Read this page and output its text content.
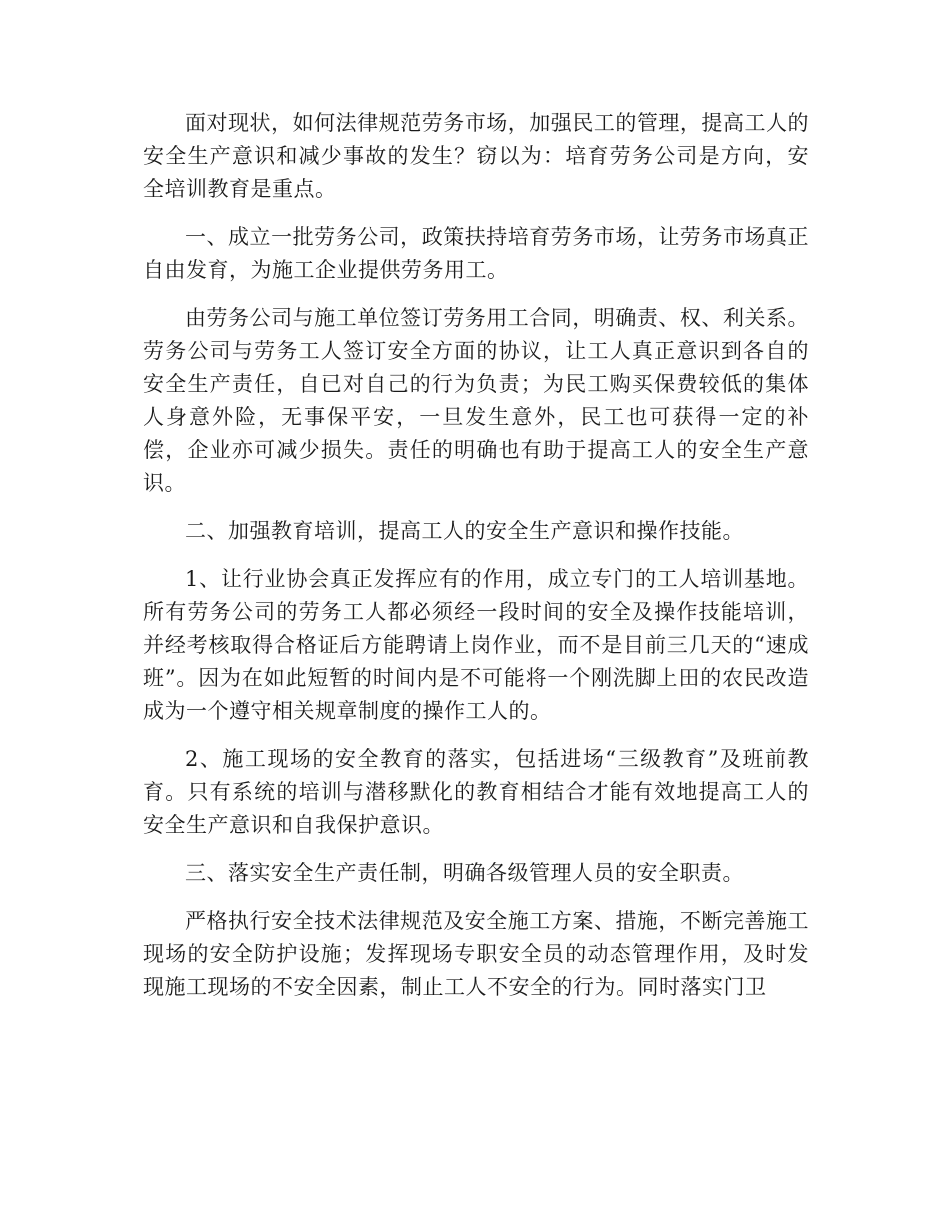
面对现状，如何法律规范劳务市场，加强民工的管理，提高工人的安全生产意识和减少事故的发生？窃以为：培育劳务公司是方向，安全培训教育是重点。

一、成立一批劳务公司，政策扶持培育劳务市场，让劳务市场真正自由发育，为施工企业提供劳务用工。

由劳务公司与施工单位签订劳务用工合同，明确责、权、利关系。劳务公司与劳务工人签订安全方面的协议，让工人真正意识到各自的安全生产责任，自已对自己的行为负责；为民工购买保费较低的集体人身意外险，无事保平安，一旦发生意外，民工也可获得一定的补偿，企业亦可减少损失。责任的明确也有助于提高工人的安全生产意识。

二、加强教育培训，提高工人的安全生产意识和操作技能。

1、让行业协会真正发挥应有的作用，成立专门的工人培训基地。所有劳务公司的劳务工人都必须经一段时间的安全及操作技能培训，并经考核取得合格证后方能聘请上岗作业，而不是目前三几天的“速成班”。因为在如此短暂的时间内是不可能将一个刚洗脚上田的农民改造成为一个遵守相关规章制度的操作工人的。

2、施工现场的安全教育的落实，包括进场“三级教育”及班前教育。只有系统的培训与潜移默化的教育相结合才能有效地提高工人的安全生产意识和自我保护意识。

三、落实安全生产责任制，明确各级管理人员的安全职责。

严格执行安全技术法律规范及安全施工方案、措施，不断完善施工现场的安全防护设施；发挥现场专职安全员的动态管理作用，及时发现施工现场的不安全因素，制止工人不安全的行为。同时落实门卫
